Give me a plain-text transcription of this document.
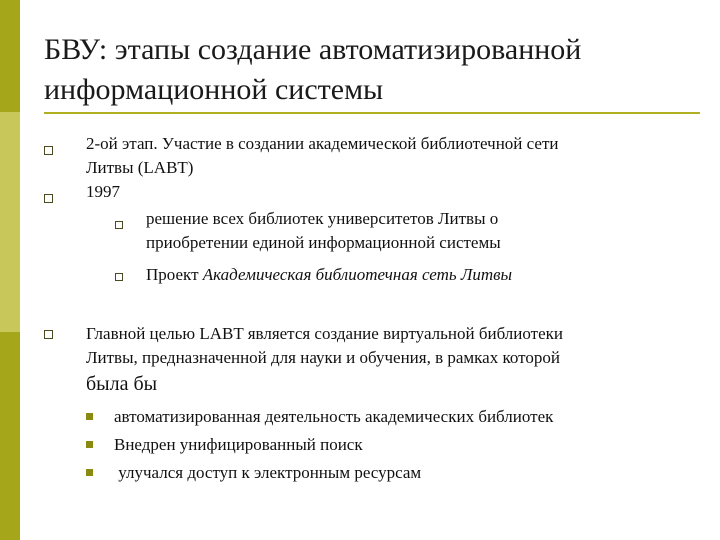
БВУ: этапы создание автоматизированной
информационной системы
2-ой этап. Участие в создании академической библиотечной сети
Литвы (LABT)
1997
решение всех библиотек университетов Литвы о
приобретении единой информационной системы
Проект Академическая библиотечная сеть Литвы
Главной целью LABT является создание виртуальной библиотеки
Литвы, предназначенной для науки и обучения, в рамках которой
была бы
автоматизированная деятельность академических библиотек
Внедрен унифицированный поиск
улучался доступ к электронным ресурсам
